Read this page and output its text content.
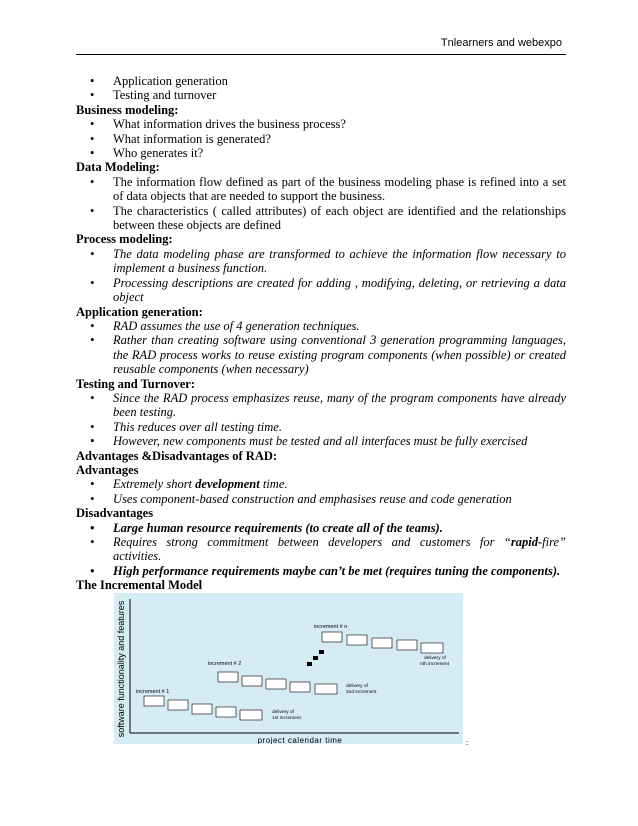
Tnlearners and webexpo
• Application generation
• Testing and turnover
Business modeling:
• What information drives the business process?
• What information is generated?
• Who generates it?
Data Modeling:
• The information flow defined as part of the business modeling phase is refined into a set of data objects that are needed to support the business.
• The characteristics ( called attributes) of each object are identified and the relationships between these objects are defined
Process modeling:
• The data modeling phase are transformed to achieve the information flow necessary to implement a business function.
• Processing descriptions are created for adding , modifying, deleting, or retrieving a data object
Application generation:
• RAD assumes the use of 4 generation techniques.
• Rather than creating software using conventional 3 generation programming languages, the RAD process works to reuse existing program components (when possible) or created reusable components (when necessary)
Testing and Turnover:
• Since the RAD process emphasizes reuse, many of the program components have already been testing.
• This reduces over all testing time.
• However, new components must be tested and all interfaces must be fully exercised
Advantages &Disadvantages of RAD:
Advantages
• Extremely short development time.
• Uses component-based construction and emphasises reuse and code generation
Disadvantages
• Large human resource requirements (to create all of the teams).
• Requires strong commitment between developers and customers for “rapid-fire” activities.
• High performance requirements maybe can’t be met (requires tuning the components).
The Incremental Model
software functionality and features
project calendar time
increment # 1
increment # 2
increment # n
delivery of
1st increment
delivery of
2nd increment
delivery of
nth increment
:
